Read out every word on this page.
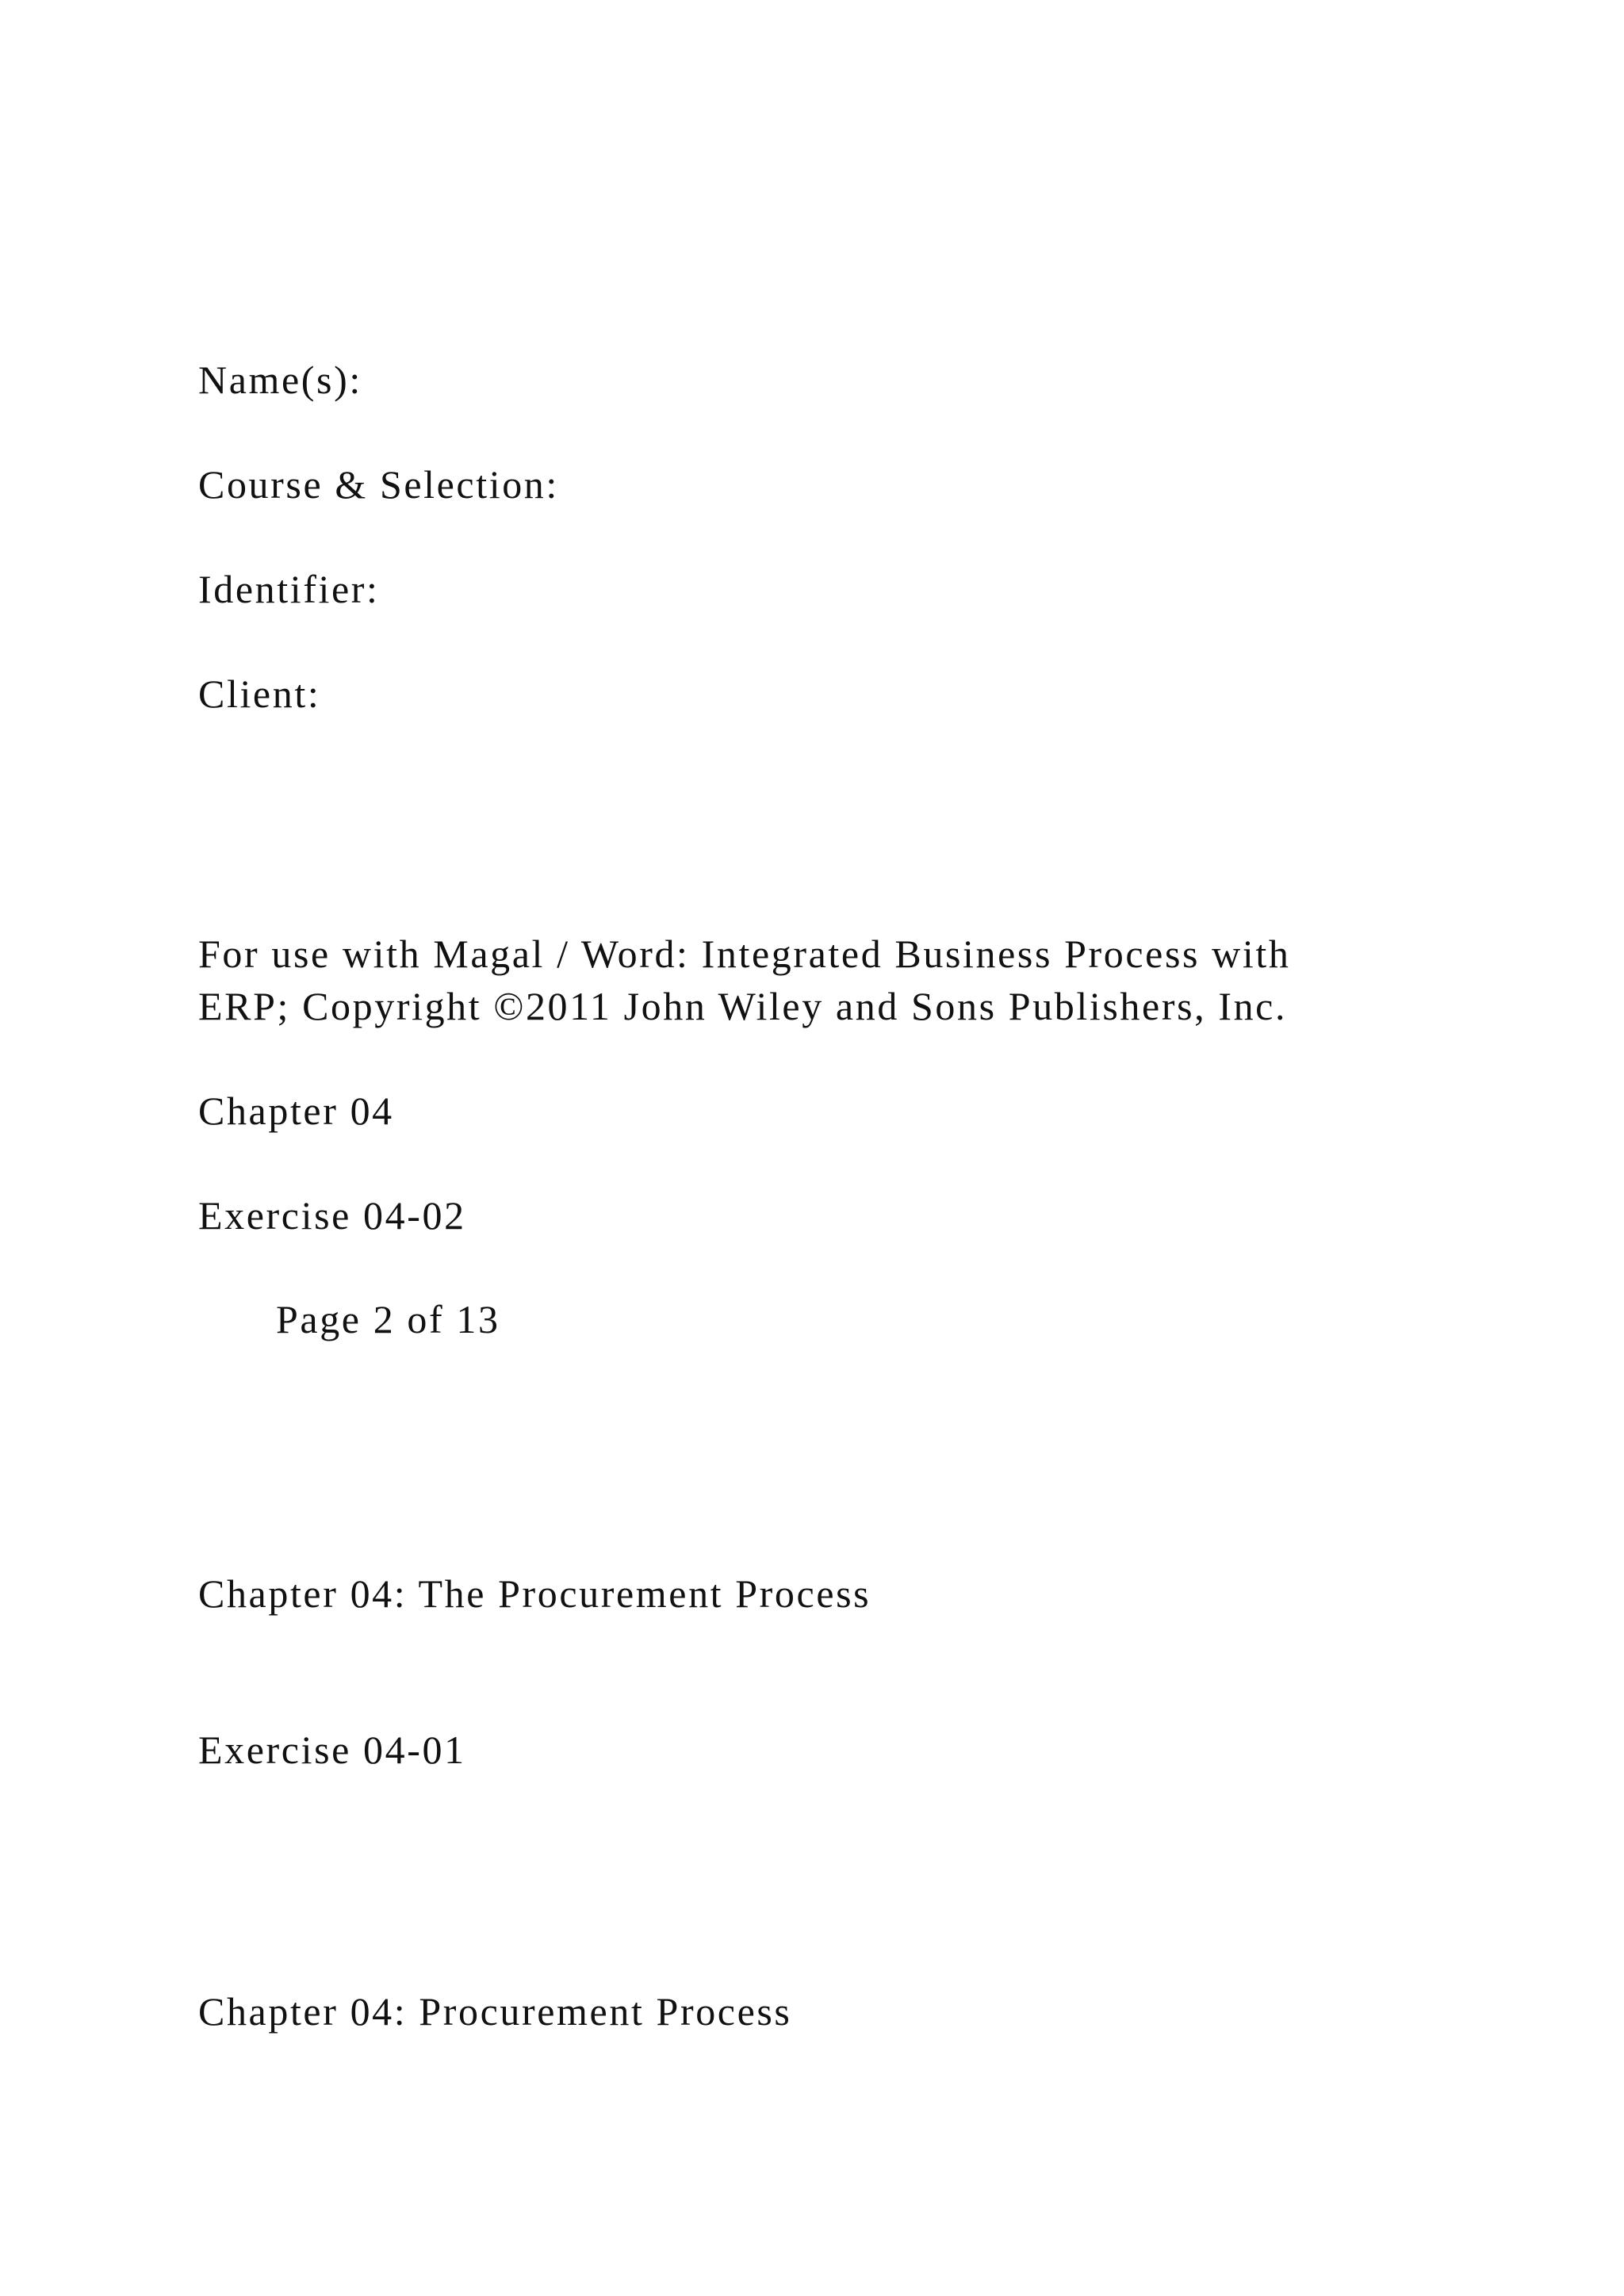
Name(s):

Course & Selection:

Identifier:

Client:

For use with Magal / Word: Integrated Business Process with

ERP; Copyright ©2011 John Wiley and Sons Publishers, Inc.

Chapter 04

Exercise 04-02

Page 2 of 13

Chapter 04: The Procurement Process

Exercise 04-01

Chapter 04: Procurement Process
